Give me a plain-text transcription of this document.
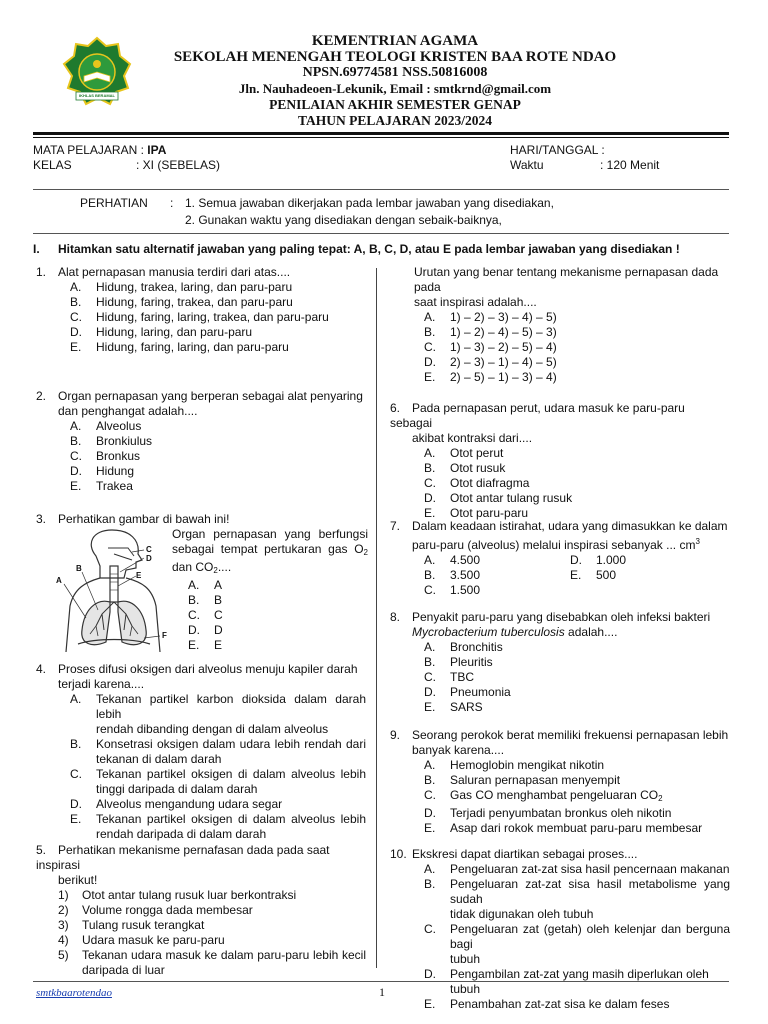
IKHLAS BERAMAL
KEMENTRIAN AGAMA
SEKOLAH MENENGAH TEOLOGI KRISTEN BAA ROTE NDAO
NPSN.69774581 NSS.50816008
Jln. Nauhadeoen-Lekunik, Email : smtkrnd@gmail.com
PENILAIAN AKHIR SEMESTER GENAP
TAHUN PELAJARAN 2023/2024
MATA PELAJARAN : IPA
KELAS	: XI (SEBELAS)
HARI/TANGGAL :
Waktu	: 120 Menit
PERHATIAN : 1. Semua jawaban dikerjakan pada lembar jawaban yang disediakan,
2. Gunakan waktu yang disediakan dengan sebaik-baiknya,
I. Hitamkan satu alternatif jawaban yang paling tepat: A, B, C, D, atau E pada lembar jawaban yang disediakan !
1. Alat pernapasan manusia terdiri dari atas....
A.	Hidung, trakea, laring, dan paru-paru
B.	Hidung, faring, trakea, dan paru-paru
C.	Hidung, faring, laring, trakea, dan paru-paru
D.	Hidung, laring, dan paru-paru
E.	Hidung, faring, laring, dan paru-paru
2. Organ pernapasan yang berperan sebagai alat penyaring
dan penghangat adalah....
A.	Alveolus
B.	Bronkiulus
C.	Bronkus
D.	Hidung
E.	Trakea
3. Perhatikan gambar di bawah ini!
A
B
C
D
E
F
Organ pernapasan yang berfungsi
sebagai tempat pertukaran gas $O_2$
dan $CO_2$....
A.	A
B.	B
C.	C
D.	D
E.	E
4. Proses difusi oksigen dari alveolus menuju kapiler darah
terjadi karena....
A.	Tekanan partikel karbon dioksida dalam darah lebih
rendah dibanding dengan di dalam alveolus
B.	Konsetrasi oksigen dalam udara lebih rendah dari
tekanan di dalam darah
C.	Tekanan partikel oksigen di dalam alveolus lebih
tinggi daripada di dalam darah
D.	Alveolus mengandung udara segar
E.	Tekanan partikel oksigen di dalam alveolus lebih
rendah daripada di dalam darah
5. Perhatikan mekanisme pernafasan dada pada saat inspirasi
berikut!
1)	Otot antar tulang rusuk luar berkontraksi
2)	Volume rongga dada membesar
3)	Tulang rusuk terangkat
4)	Udara masuk ke paru-paru
5)	Tekanan udara masuk ke dalam paru-paru lebih kecil
daripada di luar
Urutan yang benar tentang mekanisme pernapasan dada pada
saat inspirasi adalah....
A.	1) – 2) – 3) – 4) – 5)
B.	1) – 2) – 4) – 5) – 3)
C.	1) – 3) – 2) – 5) – 4)
D.	2) – 3) – 1) – 4) – 5)
E.	2) – 5) – 1) – 3) – 4)
6. Pada pernapasan perut, udara masuk ke paru-paru sebagai
akibat kontraksi dari....
A.	Otot perut
B.	Otot rusuk
C.	Otot diafragma
D.	Otot antar tulang rusuk
E.	Otot paru-paru
7. Dalam keadaan istirahat, udara yang dimasukkan ke dalam
paru-paru (alveolus) melalui inspirasi sebanyak ... $cm^3$
A.	4.500	D.	1.000
B.	3.500	E.	500
C.	1.500
8. Penyakit paru-paru yang disebabkan oleh infeksi bakteri
Mycrobacterium tuberculosis adalah....
A.	Bronchitis
B.	Pleuritis
C.	TBC
D.	Pneumonia
E.	SARS
9. Seorang perokok berat memiliki frekuensi pernapasan lebih
banyak karena....
A.	Hemoglobin mengikat nikotin
B.	Saluran pernapasan menyempit
C.	Gas CO menghambat pengeluaran $CO_2$
D.	Terjadi penyumbatan bronkus oleh nikotin
E.	Asap dari rokok membuat paru-paru membesar
10. Ekskresi dapat diartikan sebagai proses....
A.	Pengeluaran zat-zat sisa hasil pencernaan makanan
B.	Pengeluaran zat-zat sisa hasil metabolisme yang sudah
tidak digunakan oleh tubuh
C.	Pengeluaran zat (getah) oleh kelenjar dan berguna bagi
tubuh
D.	Pengambilan zat-zat yang masih diperlukan oleh tubuh
E.	Penambahan zat-zat sisa ke dalam feses
smtkbaarotendao	1
